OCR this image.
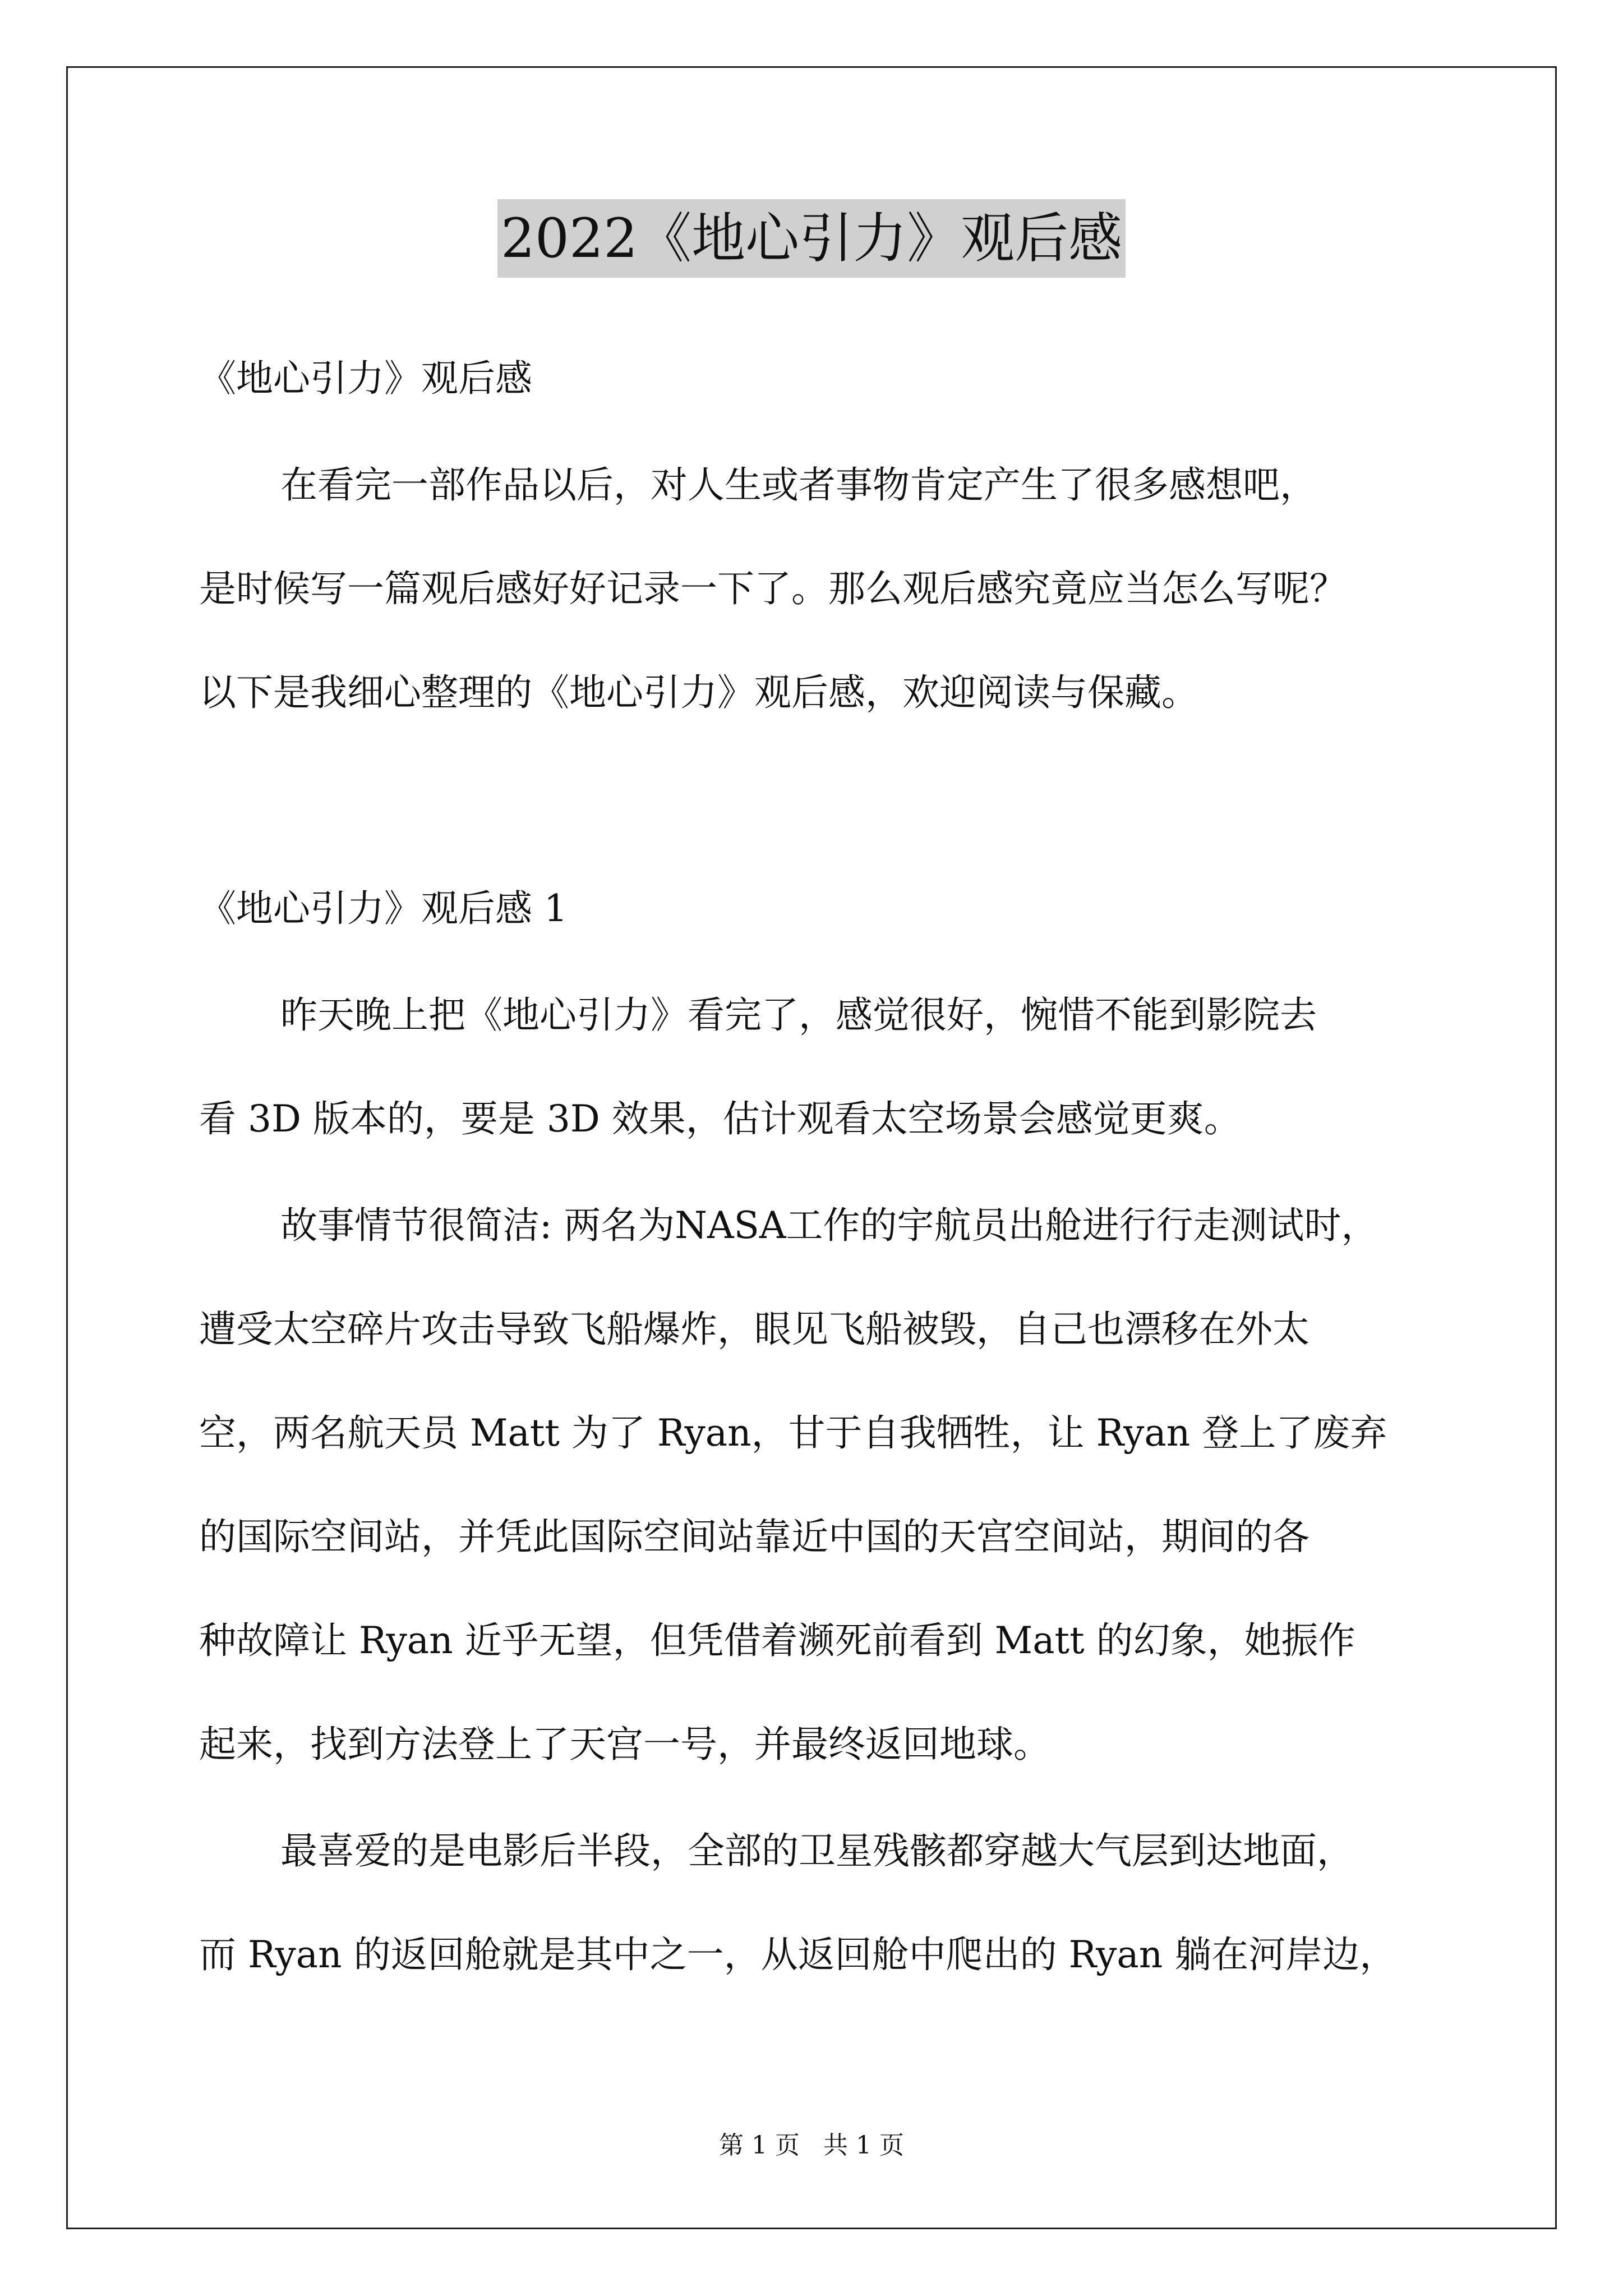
2022《地心引力》观后感
《地心引力》观后感
在看完一部作品以后，对人生或者事物肯定产生了很多感想吧，
是时候写一篇观后感好好记录一下了。那么观后感究竟应当怎么写呢？
以下是我细心整理的《地心引力》观后感，欢迎阅读与保藏。
《地心引力》观后感 1
昨天晚上把《地心引力》看完了，感觉很好，惋惜不能到影院去
看 3D 版本的，要是 3D 效果，估计观看太空场景会感觉更爽。
故事情节很简洁: 两名为NASA工作的宇航员出舱进行行走测试时，
遭受太空碎片攻击导致飞船爆炸，眼见飞船被毁，自己也漂移在外太
空，两名航天员 Matt 为了 Ryan，甘于自我牺牲，让 Ryan 登上了废弃
的国际空间站，并凭此国际空间站靠近中国的天宫空间站，期间的各
种故障让 Ryan 近乎无望，但凭借着濒死前看到 Matt 的幻象，她振作
起来，找到方法登上了天宫一号，并最终返回地球。
最喜爱的是电影后半段，全部的卫星残骸都穿越大气层到达地面，
而 Ryan 的返回舱就是其中之一，从返回舱中爬出的 Ryan 躺在河岸边，
第 1 页   共 1 页
